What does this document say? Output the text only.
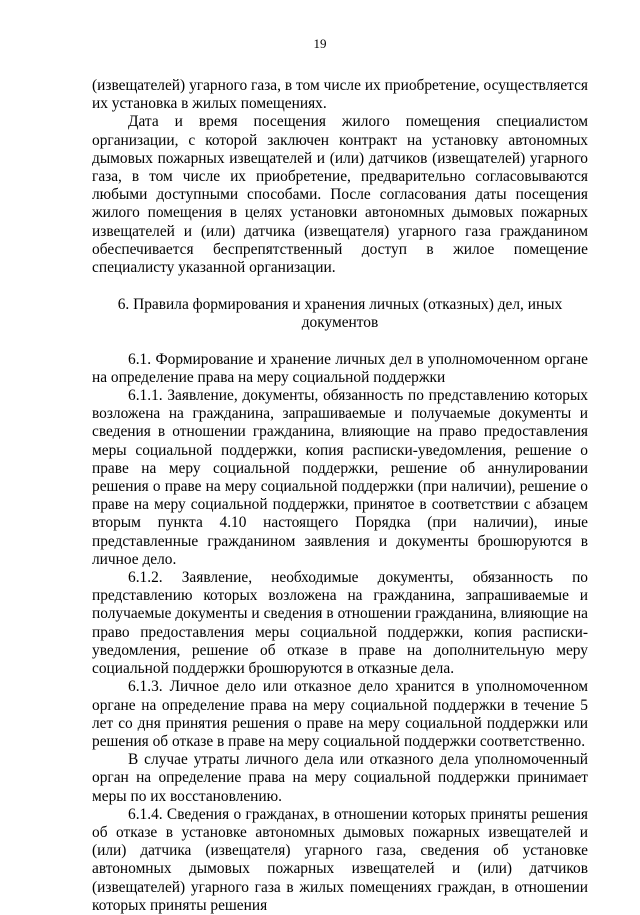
19

(извещателей) угарного газа, в том числе их приобретение, осуществляется их установка в жилых помещениях.

Дата и время посещения жилого помещения специалистом организации, с которой заключен контракт на установку автономных дымовых пожарных извещателей и (или) датчиков (извещателей) угарного газа, в том числе их приобретение, предварительно согласовываются любыми доступными способами. После согласования даты посещения жилого помещения в целях установки автономных дымовых пожарных извещателей и (или) датчика (извещателя) угарного газа гражданином обеспечивается беспрепятственный доступ в жилое помещение специалисту указанной организации.

6. Правила формирования и хранения личных (отказных) дел, иных документов

6.1. Формирование и хранение личных дел в уполномоченном органе на определение права на меру социальной поддержки

6.1.1. Заявление, документы, обязанность по представлению которых возложена на гражданина, запрашиваемые и получаемые документы и сведения в отношении гражданина, влияющие на право предоставления меры социальной поддержки, копия расписки-уведомления, решение о праве на меру социальной поддержки, решение об аннулировании решения о праве на меру социальной поддержки (при наличии), решение о праве на меру социальной поддержки, принятое в соответствии с абзацем вторым пункта 4.10 настоящего Порядка (при наличии), иные представленные гражданином заявления и документы брошюруются в личное дело.

6.1.2. Заявление, необходимые документы, обязанность по представлению которых возложена на гражданина, запрашиваемые и получаемые документы и сведения в отношении гражданина, влияющие на право предоставления меры социальной поддержки, копия расписки-уведомления, решение об отказе в праве на дополнительную меру социальной поддержки брошюруются в отказные дела.

6.1.3. Личное дело или отказное дело хранится в уполномоченном органе на определение права на меру социальной поддержки в течение 5 лет со дня принятия решения о праве на меру социальной поддержки или решения об отказе в праве на меру социальной поддержки соответственно.

В случае утраты личного дела или отказного дела уполномоченный орган на определение права на меру социальной поддержки принимает меры по их восстановлению.

6.1.4. Сведения о гражданах, в отношении которых приняты решения об отказе в установке автономных дымовых пожарных извещателей и (или) датчика (извещателя) угарного газа, сведения об установке автономных дымовых пожарных извещателей и (или) датчиков (извещателей) угарного газа в жилых помещениях граждан, в отношении которых приняты решения
